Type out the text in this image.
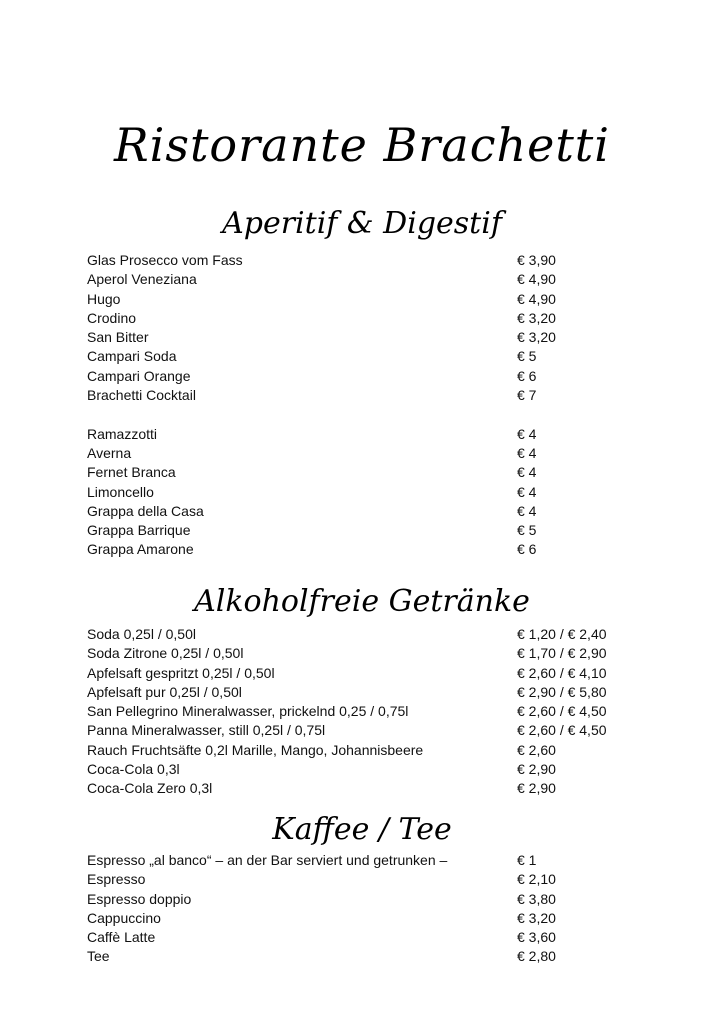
Ristorante Brachetti
Aperitif & Digestif
Glas Prosecco vom Fass	€ 3,90
Aperol Veneziana	€ 4,90
Hugo	€ 4,90
Crodino	€ 3,20
San Bitter	€ 3,20
Campari Soda	€ 5
Campari Orange	€ 6
Brachetti Cocktail	€ 7
Ramazzotti	€ 4
Averna	€ 4
Fernet Branca	€ 4
Limoncello	€ 4
Grappa della Casa	€ 4
Grappa Barrique	€ 5
Grappa Amarone	€ 6
Alkoholfreie Getränke
Soda 0,25l / 0,50l	€ 1,20 / € 2,40
Soda Zitrone 0,25l / 0,50l	€ 1,70 / € 2,90
Apfelsaft gespritzt 0,25l / 0,50l	€ 2,60 / € 4,10
Apfelsaft pur 0,25l / 0,50l	€ 2,90 / € 5,80
San Pellegrino Mineralwasser, prickelnd 0,25 / 0,75l	€ 2,60 / € 4,50
Panna Mineralwasser, still 0,25l / 0,75l	€ 2,60 / € 4,50
Rauch Fruchtsäfte 0,2l Marille, Mango, Johannisbeere	€ 2,60
Coca-Cola 0,3l	€ 2,90
Coca-Cola Zero 0,3l	€ 2,90
Kaffee / Tee
Espresso „al banco“ – an der Bar serviert und getrunken –	€ 1
Espresso	€ 2,10
Espresso doppio	€ 3,80
Cappuccino	€ 3,20
Caffè Latte	€ 3,60
Tee	€ 2,80
